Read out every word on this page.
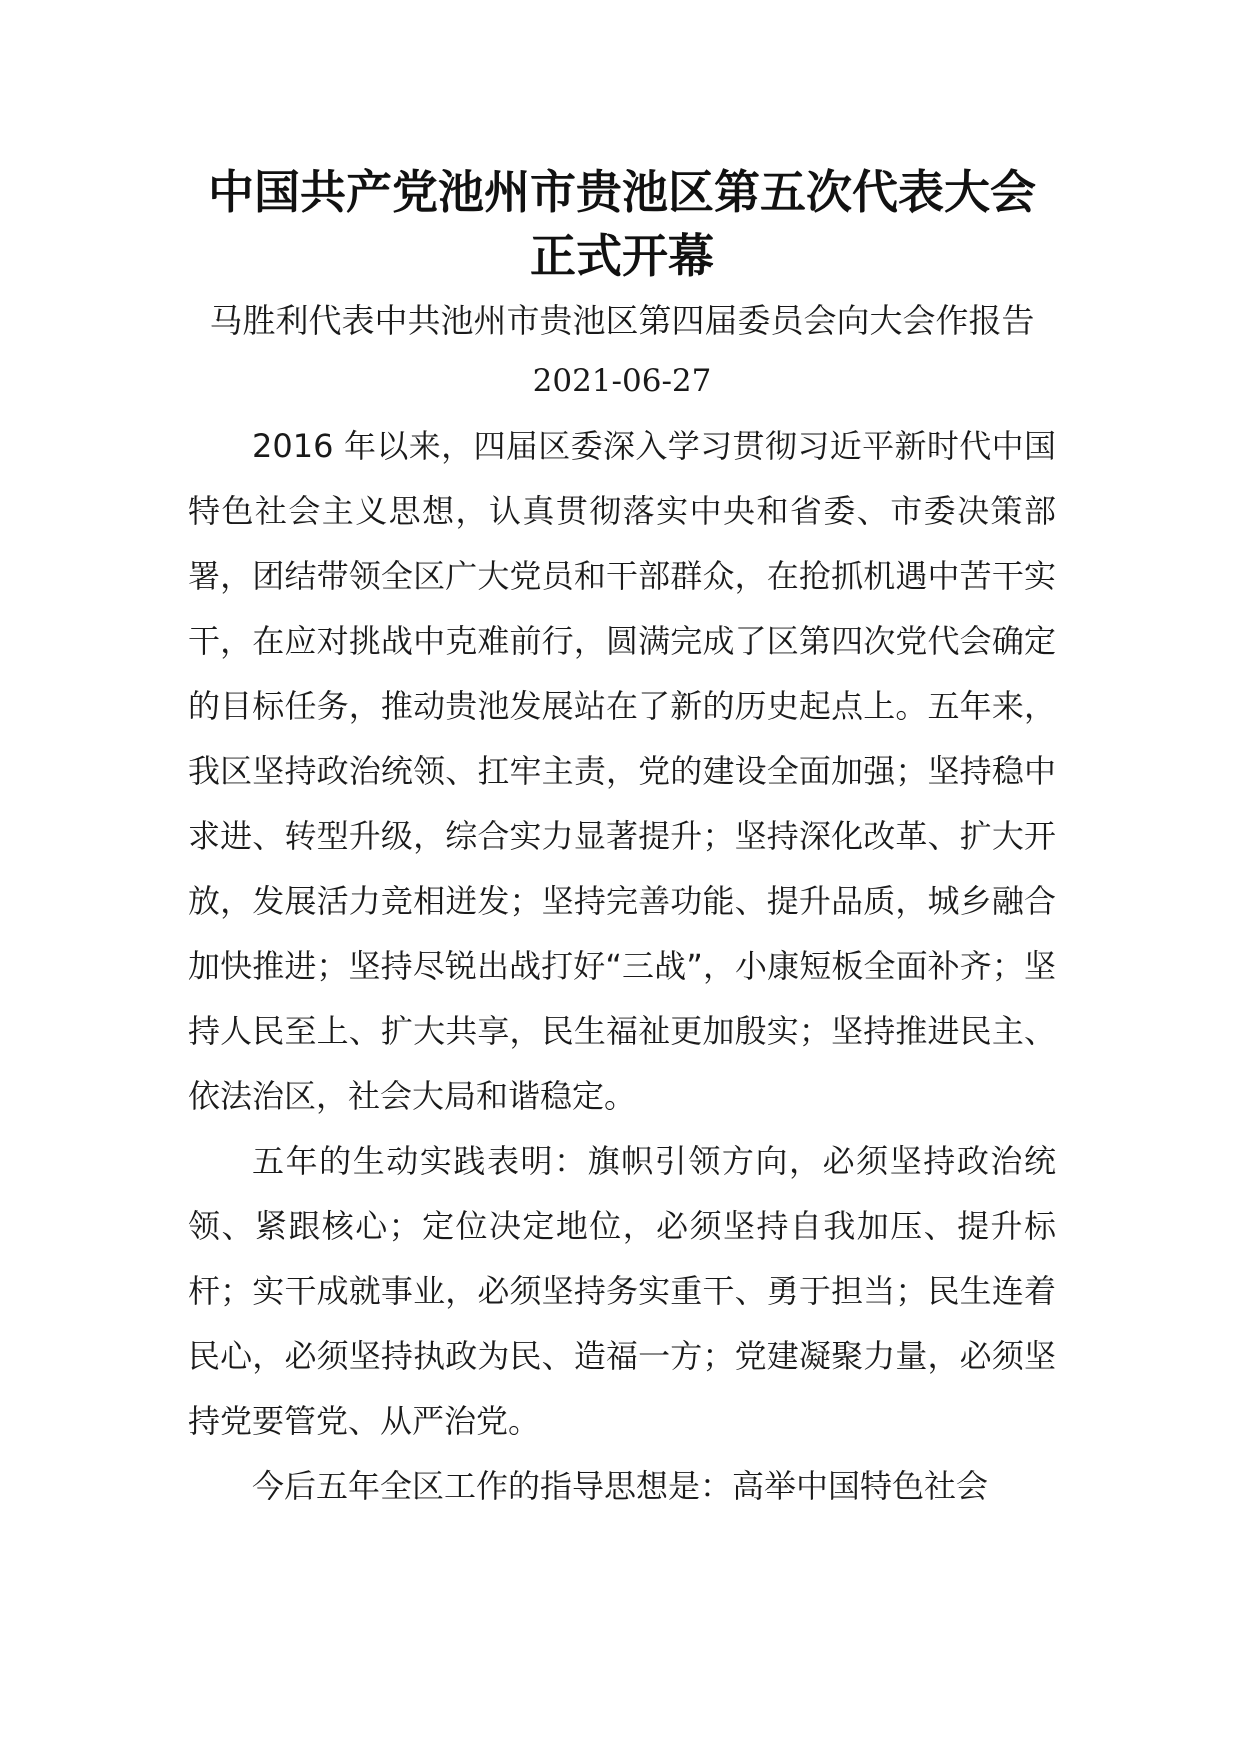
中国共产党池州市贵池区第五次代表大会
正式开幕

马胜利代表中共池州市贵池区第四届委员会向大会作报告

2021-06-27

2016 年以来，四届区委深入学习贯彻习近平新时代中国特色社会主义思想，认真贯彻落实中央和省委、市委决策部署，团结带领全区广大党员和干部群众，在抢抓机遇中苦干实干，在应对挑战中克难前行，圆满完成了区第四次党代会确定的目标任务，推动贵池发展站在了新的历史起点上。五年来，我区坚持政治统领、扛牢主责，党的建设全面加强；坚持稳中求进、转型升级，综合实力显著提升；坚持深化改革、扩大开放，发展活力竞相迸发；坚持完善功能、提升品质，城乡融合加快推进；坚持尽锐出战打好“三战”，小康短板全面补齐；坚持人民至上、扩大共享，民生福祉更加殷实；坚持推进民主、依法治区，社会大局和谐稳定。

五年的生动实践表明：旗帜引领方向，必须坚持政治统领、紧跟核心；定位决定地位，必须坚持自我加压、提升标杆；实干成就事业，必须坚持务实重干、勇于担当；民生连着民心，必须坚持执政为民、造福一方；党建凝聚力量，必须坚持党要管党、从严治党。

今后五年全区工作的指导思想是：高举中国特色社会
